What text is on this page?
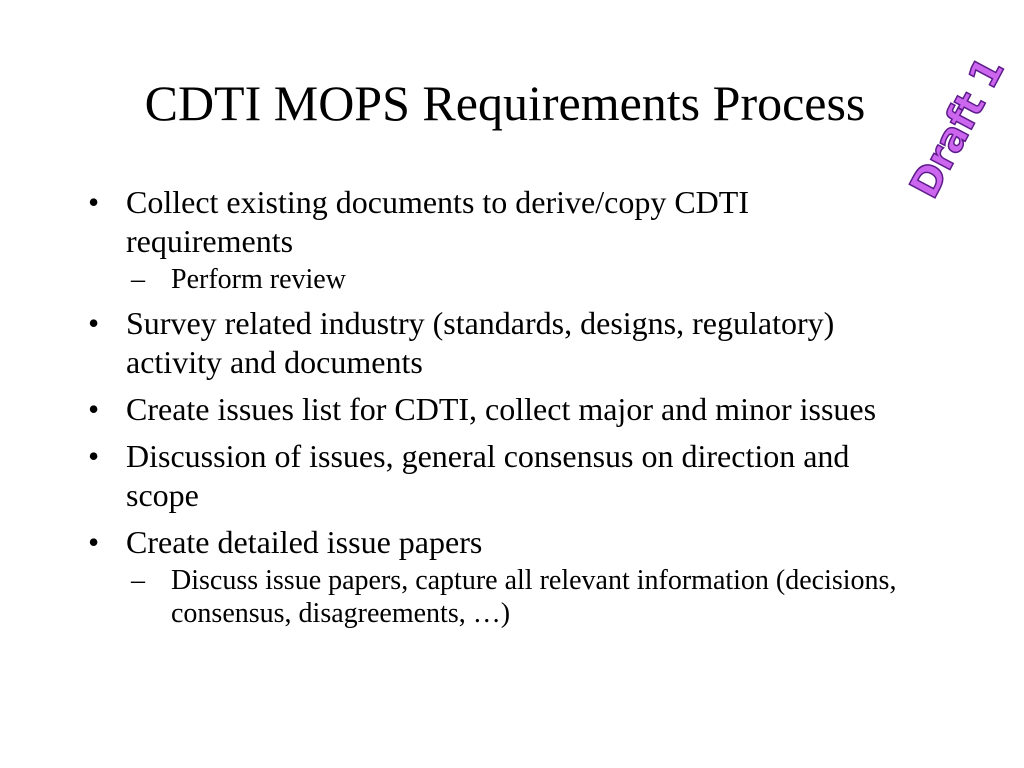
CDTI MOPS Requirements Process Draft 1
• Collect existing documents to derive/copy CDTI requirements
– Perform review
• Survey related industry (standards, designs, regulatory) activity and documents
• Create issues list for CDTI, collect major and minor issues
• Discussion of issues, general consensus on direction and scope
• Create detailed issue papers
– Discuss issue papers, capture all relevant information (decisions, consensus, disagreements, …)
